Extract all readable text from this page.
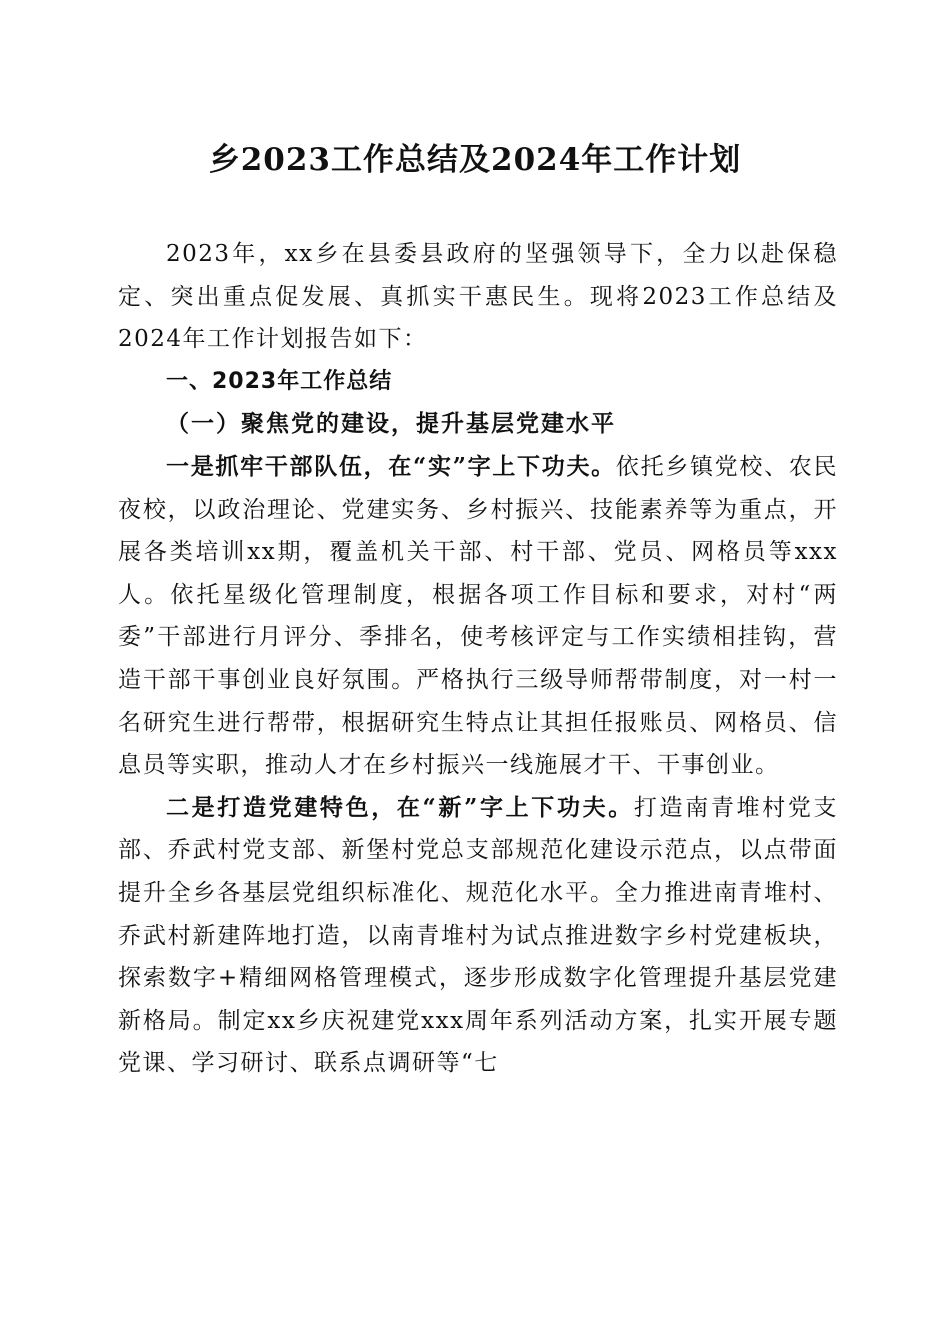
乡2023工作总结及2024年工作计划

2023年，xx乡在县委县政府的坚强领导下，全力以赴保稳定、突出重点促发展、真抓实干惠民生。现将2023工作总结及2024年工作计划报告如下：

一、2023年工作总结

（一）聚焦党的建设，提升基层党建水平

一是抓牢干部队伍，在“实”字上下功夫。依托乡镇党校、农民夜校，以政治理论、党建实务、乡村振兴、技能素养等为重点，开展各类培训xx期，覆盖机关干部、村干部、党员、网格员等xxx人。依托星级化管理制度，根据各项工作目标和要求，对村“两委”干部进行月评分、季排名，使考核评定与工作实绩相挂钩，营造干部干事创业良好氛围。严格执行三级导师帮带制度，对一村一名研究生进行帮带，根据研究生特点让其担任报账员、网格员、信息员等实职，推动人才在乡村振兴一线施展才干、干事创业。

二是打造党建特色，在“新”字上下功夫。打造南青堆村党支部、乔武村党支部、新堡村党总支部规范化建设示范点，以点带面提升全乡各基层党组织标准化、规范化水平。全力推进南青堆村、乔武村新建阵地打造，以南青堆村为试点推进数字乡村党建板块，探索数字+精细网格管理模式，逐步形成数字化管理提升基层党建新格局。制定xx乡庆祝建党xxx周年系列活动方案，扎实开展专题党课、学习研讨、联系点调研等“七
